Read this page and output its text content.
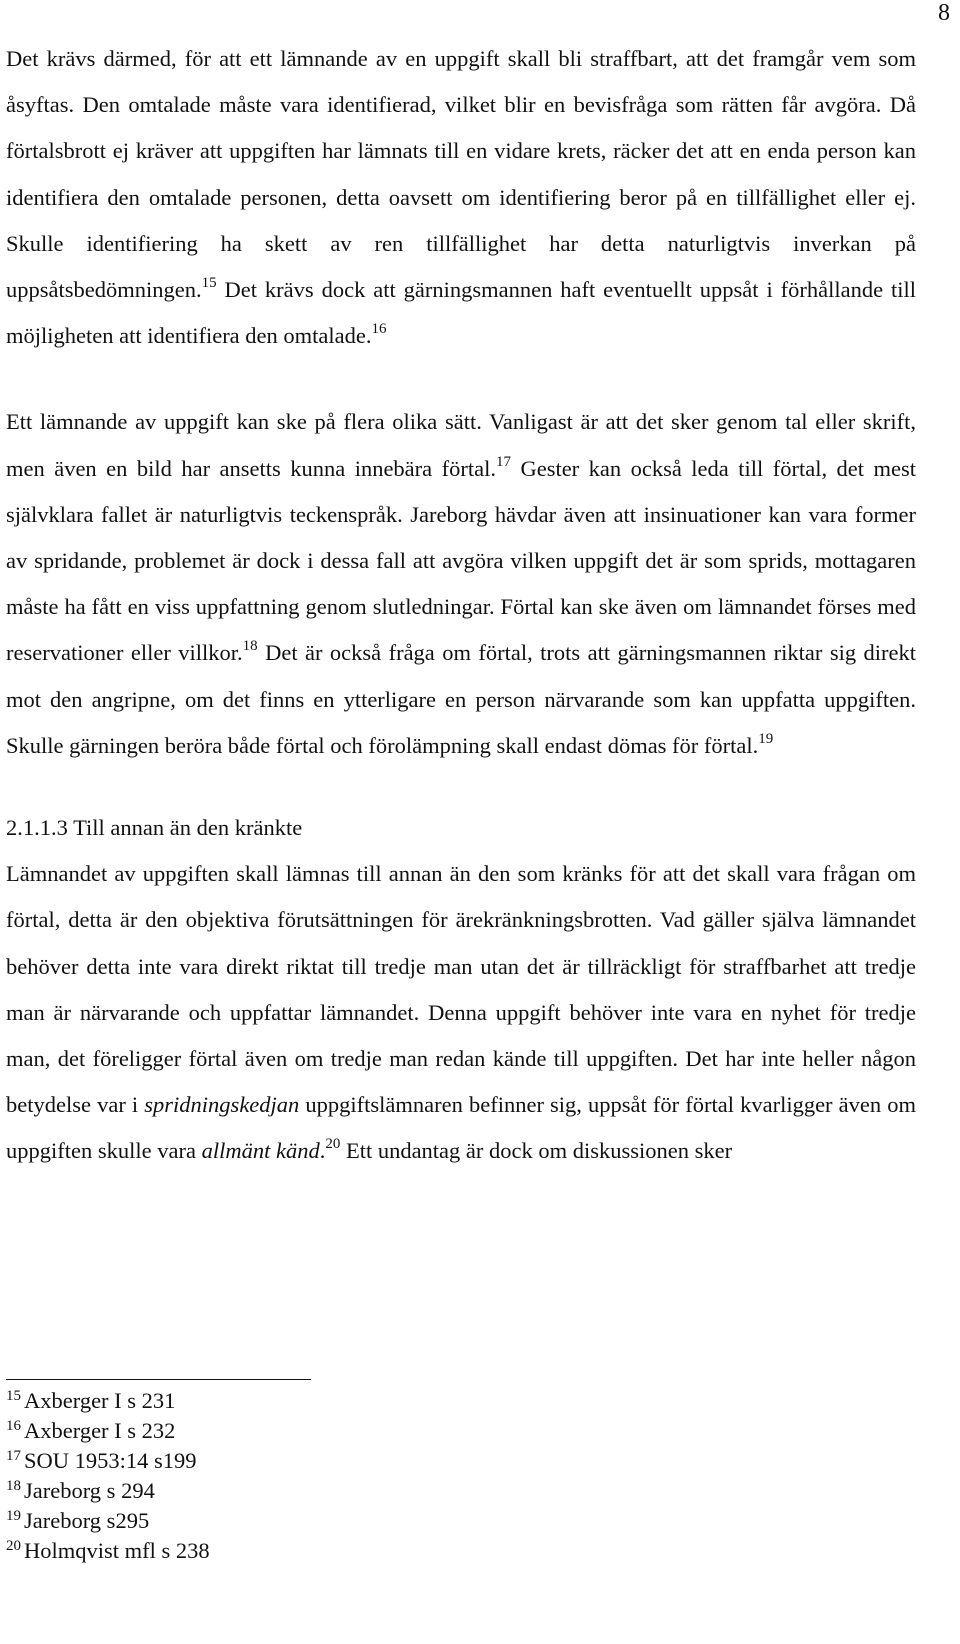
8

Det krävs därmed, för att ett lämnande av en uppgift skall bli straffbart, att det framgår vem som åsyftas. Den omtalade måste vara identifierad, vilket blir en bevisfråga som rätten får avgöra. Då förtalsbrott ej kräver att uppgiften har lämnats till en vidare krets, räcker det att en enda person kan identifiera den omtalade personen, detta oavsett om identifiering beror på en tillfällighet eller ej. Skulle identifiering ha skett av ren tillfällighet har detta naturligtvis inverkan på uppsåtsbedömningen.$^{15}$ Det krävs dock att gärningsmannen haft eventuellt uppsåt i förhållande till möjligheten att identifiera den omtalade.$^{16}$

Ett lämnande av uppgift kan ske på flera olika sätt. Vanligast är att det sker genom tal eller skrift, men även en bild har ansetts kunna innebära förtal.$^{17}$ Gester kan också leda till förtal, det mest självklara fallet är naturligtvis teckenspråk. Jareborg hävdar även att insinuationer kan vara former av spridande, problemet är dock i dessa fall att avgöra vilken uppgift det är som sprids, mottagaren måste ha fått en viss uppfattning genom slutledningar. Förtal kan ske även om lämnandet förses med reservationer eller villkor.$^{18}$ Det är också fråga om förtal, trots att gärningsmannen riktar sig direkt mot den angripne, om det finns en ytterligare en person närvarande som kan uppfatta uppgiften. Skulle gärningen beröra både förtal och förolämpning skall endast dömas för förtal.$^{19}$

2.1.1.3 Till annan än den kränkte

Lämnandet av uppgiften skall lämnas till annan än den som kränks för att det skall vara frågan om förtal, detta är den objektiva förutsättningen för ärekränkningsbrotten. Vad gäller själva lämnandet behöver detta inte vara direkt riktat till tredje man utan det är tillräckligt för straffbarhet att tredje man är närvarande och uppfattar lämnandet. Denna uppgift behöver inte vara en nyhet för tredje man, det föreligger förtal även om tredje man redan kände till uppgiften. Det har inte heller någon betydelse var i spridningskedjan uppgiftslämnaren befinner sig, uppsåt för förtal kvarligger även om uppgiften skulle vara allmänt känd.$^{20}$ Ett undantag är dock om diskussionen sker

$^{15}$ Axberger I s 231
$^{16}$ Axberger I s 232
$^{17}$ SOU 1953:14 s199
$^{18}$ Jareborg s 294
$^{19}$ Jareborg s295
$^{20}$ Holmqvist mfl s 238
